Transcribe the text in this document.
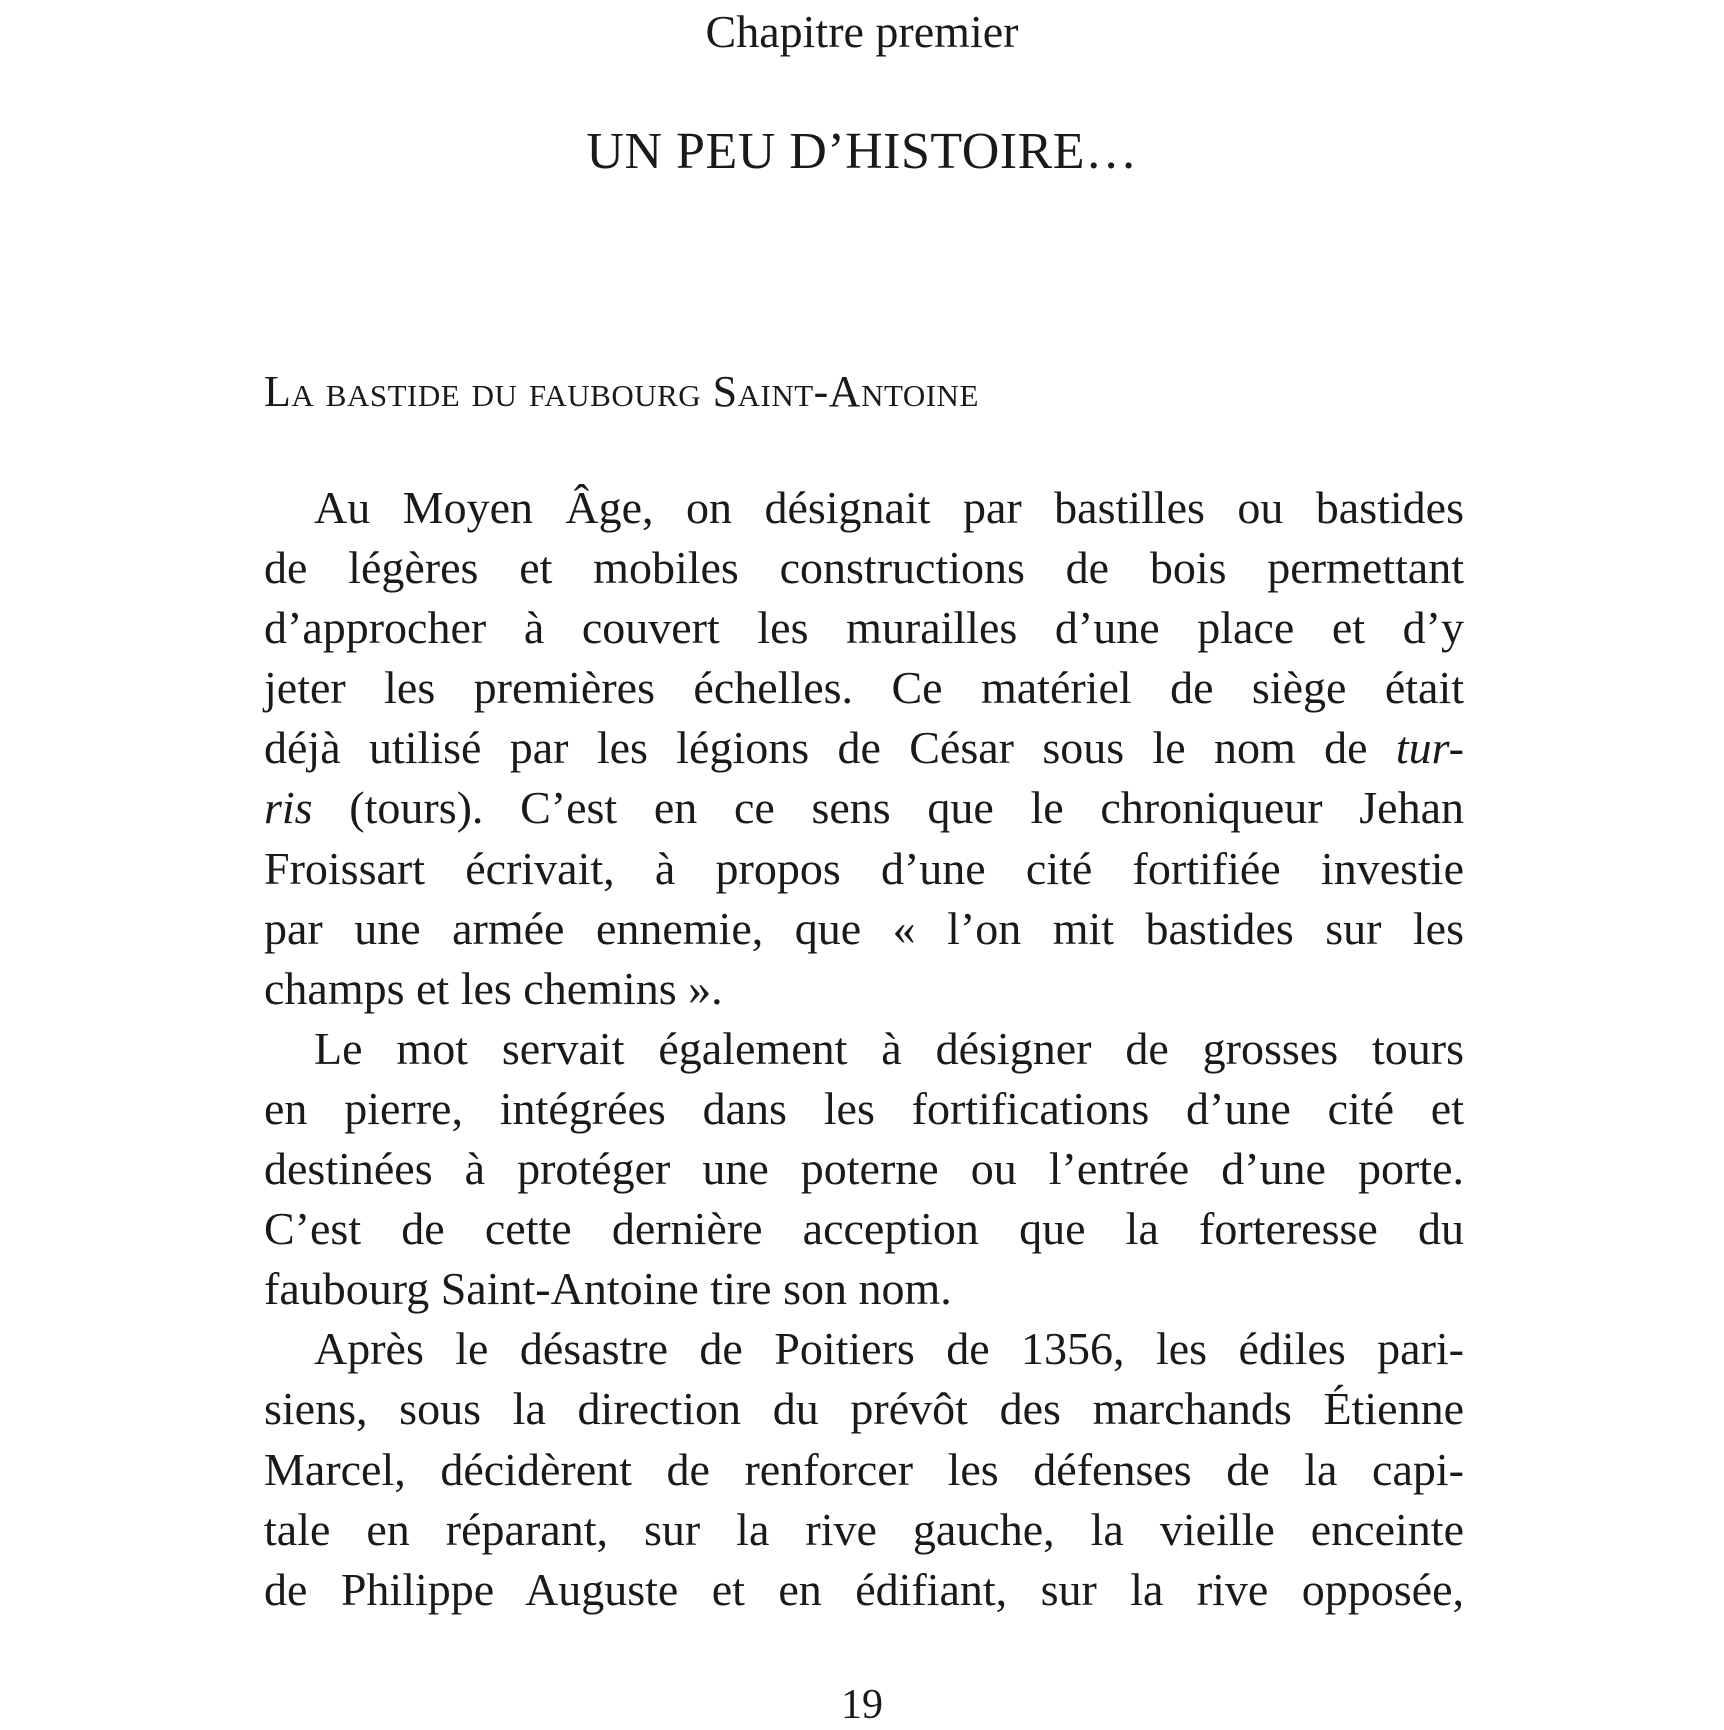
Chapitre premier
UN PEU D’HISTOIRE…
La bastide du faubourg Saint-Antoine
Au Moyen Âge, on désignait par bastilles ou bastides
de légères et mobiles constructions de bois permettant
d’approcher à couvert les murailles d’une place et d’y
jeter les premières échelles. Ce matériel de siège était
déjà utilisé par les légions de César sous le nom de tur-
ris (tours). C’est en ce sens que le chroniqueur Jehan
Froissart écrivait, à propos d’une cité fortifiée investie
par une armée ennemie, que « l’on mit bastides sur les
champs et les chemins ».
Le mot servait également à désigner de grosses tours
en pierre, intégrées dans les fortifications d’une cité et
destinées à protéger une poterne ou l’entrée d’une porte.
C’est de cette dernière acception que la forteresse du
faubourg Saint-Antoine tire son nom.
Après le désastre de Poitiers de 1356, les édiles pari-
siens, sous la direction du prévôt des marchands Étienne
Marcel, décidèrent de renforcer les défenses de la capi-
tale en réparant, sur la rive gauche, la vieille enceinte
de Philippe Auguste et en édifiant, sur la rive opposée,
19
